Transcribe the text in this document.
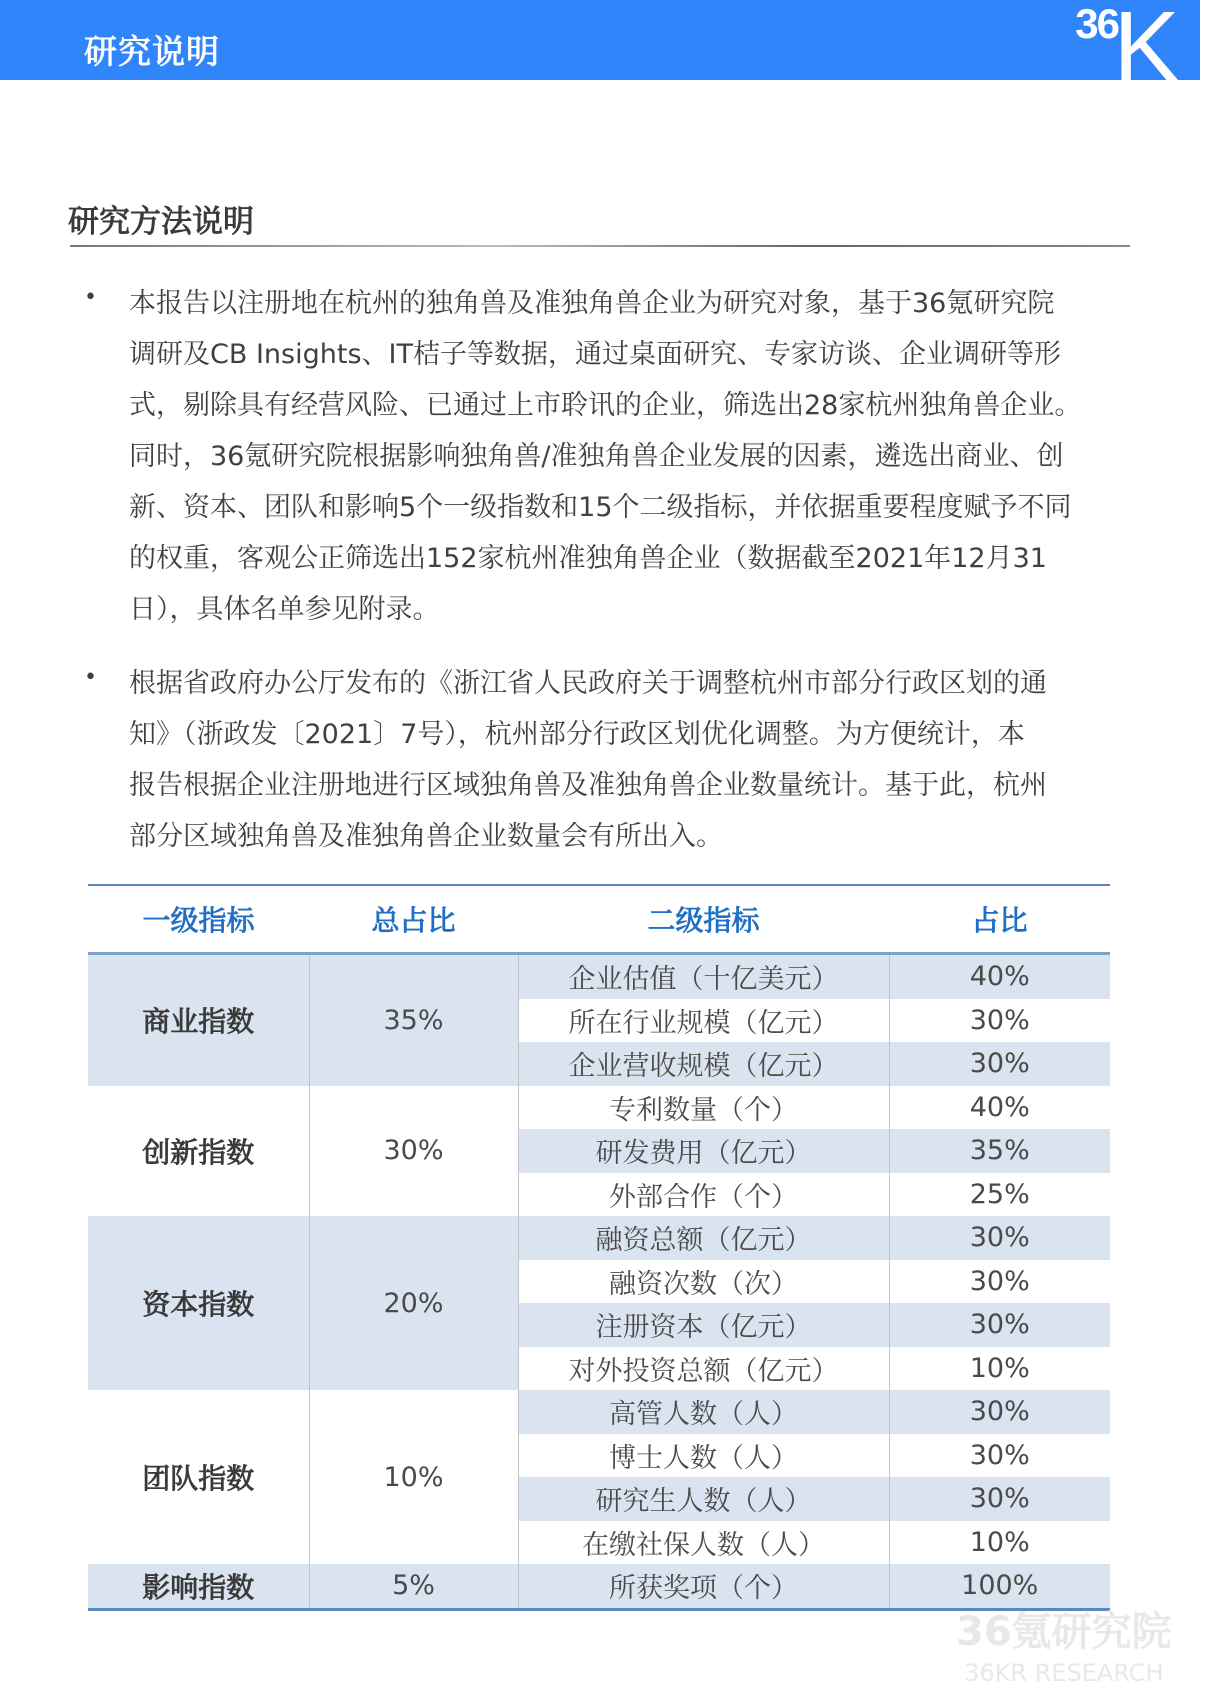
研究说明
36
K r
研究方法说明
• 本报告以注册地在杭州的独角兽及准独角兽企业为研究对象，基于36氪研究院
调研及CB Insights、IT桔子等数据，通过桌面研究、专家访谈、企业调研等形
式，剔除具有经营风险、已通过上市聆讯的企业，筛选出28家杭州独角兽企业。
同时，36氪研究院根据影响独角兽/准独角兽企业发展的因素，遴选出商业、创
新、资本、团队和影响5个一级指数和15个二级指标，并依据重要程度赋予不同
的权重，客观公正筛选出152家杭州准独角兽企业（数据截至2021年12月31
日），具体名单参见附录。
• 根据省政府办公厅发布的《浙江省人民政府关于调整杭州市部分行政区划的通
知》（浙政发〔2021〕7号），杭州部分行政区划优化调整。为方便统计，本
报告根据企业注册地进行区域独角兽及准独角兽企业数量统计。基于此，杭州
部分区域独角兽及准独角兽企业数量会有所出入。
一级指标	总占比	二级指标	占比
商业指数	35%	企业估值（十亿美元）	40%
		所在行业规模（亿元）	30%
		企业营收规模（亿元）	30%
创新指数	30%	专利数量（个）	40%
		研发费用（亿元）	35%
		外部合作（个）	25%
资本指数	20%	融资总额（亿元）	30%
		融资次数（次）	30%
		注册资本（亿元）	30%
		对外投资总额（亿元）	10%
团队指数	10%	高管人数（人）	30%
		博士人数（人）	30%
		研究生人数（人）	30%
		在缴社保人数（人）	10%
影响指数	5%	所获奖项（个）	100%
36氪研究院
36KR RESEARCH
